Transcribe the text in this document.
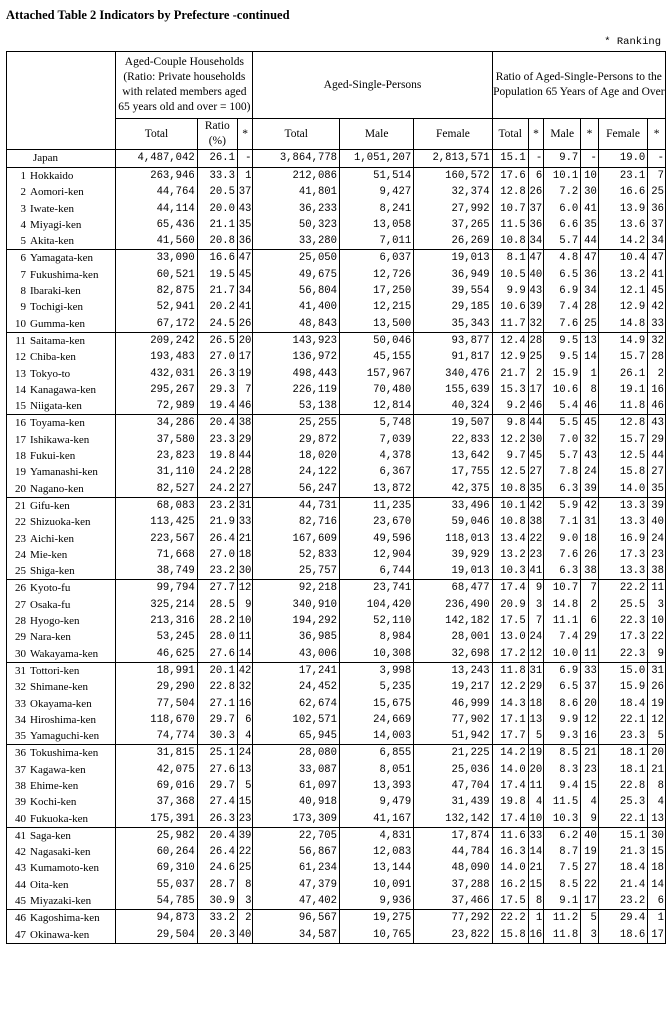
Attached Table 2 Indicators by Prefecture -continued
* Ranking
	Aged-Couple Households (Ratio: Private households with related members aged 65 years old and over = 100)			Aged-Single-Persons			Ratio of Aged-Single-Persons to the Population 65 Years of Age and Over					
	Total	Ratio (%)	*	Total	Male	Female	Total	*	Male	*	Female	*
Japan	4,487,042	26.1	-	3,864,778	1,051,207	2,813,571	15.1	-	9.7	-	19.0	-
1 Hokkaido	263,946	33.3	1	212,086	51,514	160,572	17.6	6	10.1	10	23.1	7
2 Aomori-ken	44,764	20.5	37	41,801	9,427	32,374	12.8	26	7.2	30	16.6	25
3 Iwate-ken	44,114	20.0	43	36,233	8,241	27,992	10.7	37	6.0	41	13.9	36
4 Miyagi-ken	65,436	21.1	35	50,323	13,058	37,265	11.5	36	6.6	35	13.6	37
5 Akita-ken	41,560	20.8	36	33,280	7,011	26,269	10.8	34	5.7	44	14.2	34
6 Yamagata-ken	33,090	16.6	47	25,050	6,037	19,013	8.1	47	4.8	47	10.4	47
7 Fukushima-ken	60,521	19.5	45	49,675	12,726	36,949	10.5	40	6.5	36	13.2	41
8 Ibaraki-ken	82,875	21.7	34	56,804	17,250	39,554	9.9	43	6.9	34	12.1	45
9 Tochigi-ken	52,941	20.2	41	41,400	12,215	29,185	10.6	39	7.4	28	12.9	42
10 Gumma-ken	67,172	24.5	26	48,843	13,500	35,343	11.7	32	7.6	25	14.8	33
11 Saitama-ken	209,242	26.5	20	143,923	50,046	93,877	12.4	28	9.5	13	14.9	32
12 Chiba-ken	193,483	27.0	17	136,972	45,155	91,817	12.9	25	9.5	14	15.7	28
13 Tokyo-to	432,031	26.3	19	498,443	157,967	340,476	21.7	2	15.9	1	26.1	2
14 Kanagawa-ken	295,267	29.3	7	226,119	70,480	155,639	15.3	17	10.6	8	19.1	16
15 Niigata-ken	72,989	19.4	46	53,138	12,814	40,324	9.2	46	5.4	46	11.8	46
16 Toyama-ken	34,286	20.4	38	25,255	5,748	19,507	9.8	44	5.5	45	12.8	43
17 Ishikawa-ken	37,580	23.3	29	29,872	7,039	22,833	12.2	30	7.0	32	15.7	29
18 Fukui-ken	23,823	19.8	44	18,020	4,378	13,642	9.7	45	5.7	43	12.5	44
19 Yamanashi-ken	31,110	24.2	28	24,122	6,367	17,755	12.5	27	7.8	24	15.8	27
20 Nagano-ken	82,527	24.2	27	56,247	13,872	42,375	10.8	35	6.3	39	14.0	35
21 Gifu-ken	68,083	23.2	31	44,731	11,235	33,496	10.1	42	5.9	42	13.3	39
22 Shizuoka-ken	113,425	21.9	33	82,716	23,670	59,046	10.8	38	7.1	31	13.3	40
23 Aichi-ken	223,567	26.4	21	167,609	49,596	118,013	13.4	22	9.0	18	16.9	24
24 Mie-ken	71,668	27.0	18	52,833	12,904	39,929	13.2	23	7.6	26	17.3	23
25 Shiga-ken	38,749	23.2	30	25,757	6,744	19,013	10.3	41	6.3	38	13.3	38
26 Kyoto-fu	99,794	27.7	12	92,218	23,741	68,477	17.4	9	10.7	7	22.2	11
27 Osaka-fu	325,214	28.5	9	340,910	104,420	236,490	20.9	3	14.8	2	25.5	3
28 Hyogo-ken	213,316	28.2	10	194,292	52,110	142,182	17.5	7	11.1	6	22.3	10
29 Nara-ken	53,245	28.0	11	36,985	8,984	28,001	13.0	24	7.4	29	17.3	22
30 Wakayama-ken	46,625	27.6	14	43,006	10,308	32,698	17.2	12	10.0	11	22.3	9
31 Tottori-ken	18,991	20.1	42	17,241	3,998	13,243	11.8	31	6.9	33	15.0	31
32 Shimane-ken	29,290	22.8	32	24,452	5,235	19,217	12.2	29	6.5	37	15.9	26
33 Okayama-ken	77,504	27.1	16	62,674	15,675	46,999	14.3	18	8.6	20	18.4	19
34 Hiroshima-ken	118,670	29.7	6	102,571	24,669	77,902	17.1	13	9.9	12	22.1	12
35 Yamaguchi-ken	74,774	30.3	4	65,945	14,003	51,942	17.7	5	9.3	16	23.3	5
36 Tokushima-ken	31,815	25.1	24	28,080	6,855	21,225	14.2	19	8.5	21	18.1	20
37 Kagawa-ken	42,075	27.6	13	33,087	8,051	25,036	14.0	20	8.3	23	18.1	21
38 Ehime-ken	69,016	29.7	5	61,097	13,393	47,704	17.4	11	9.4	15	22.8	8
39 Kochi-ken	37,368	27.4	15	40,918	9,479	31,439	19.8	4	11.5	4	25.3	4
40 Fukuoka-ken	175,391	26.3	23	173,309	41,167	132,142	17.4	10	10.3	9	22.1	13
41 Saga-ken	25,982	20.4	39	22,705	4,831	17,874	11.6	33	6.2	40	15.1	30
42 Nagasaki-ken	60,264	26.4	22	56,867	12,083	44,784	16.3	14	8.7	19	21.3	15
43 Kumamoto-ken	69,310	24.6	25	61,234	13,144	48,090	14.0	21	7.5	27	18.4	18
44 Oita-ken	55,037	28.7	8	47,379	10,091	37,288	16.2	15	8.5	22	21.4	14
45 Miyazaki-ken	54,785	30.9	3	47,402	9,936	37,466	17.5	8	9.1	17	23.2	6
46 Kagoshima-ken	94,873	33.2	2	96,567	19,275	77,292	22.2	1	11.2	5	29.4	1
47 Okinawa-ken	29,504	20.3	40	34,587	10,765	23,822	15.8	16	11.8	3	18.6	17
